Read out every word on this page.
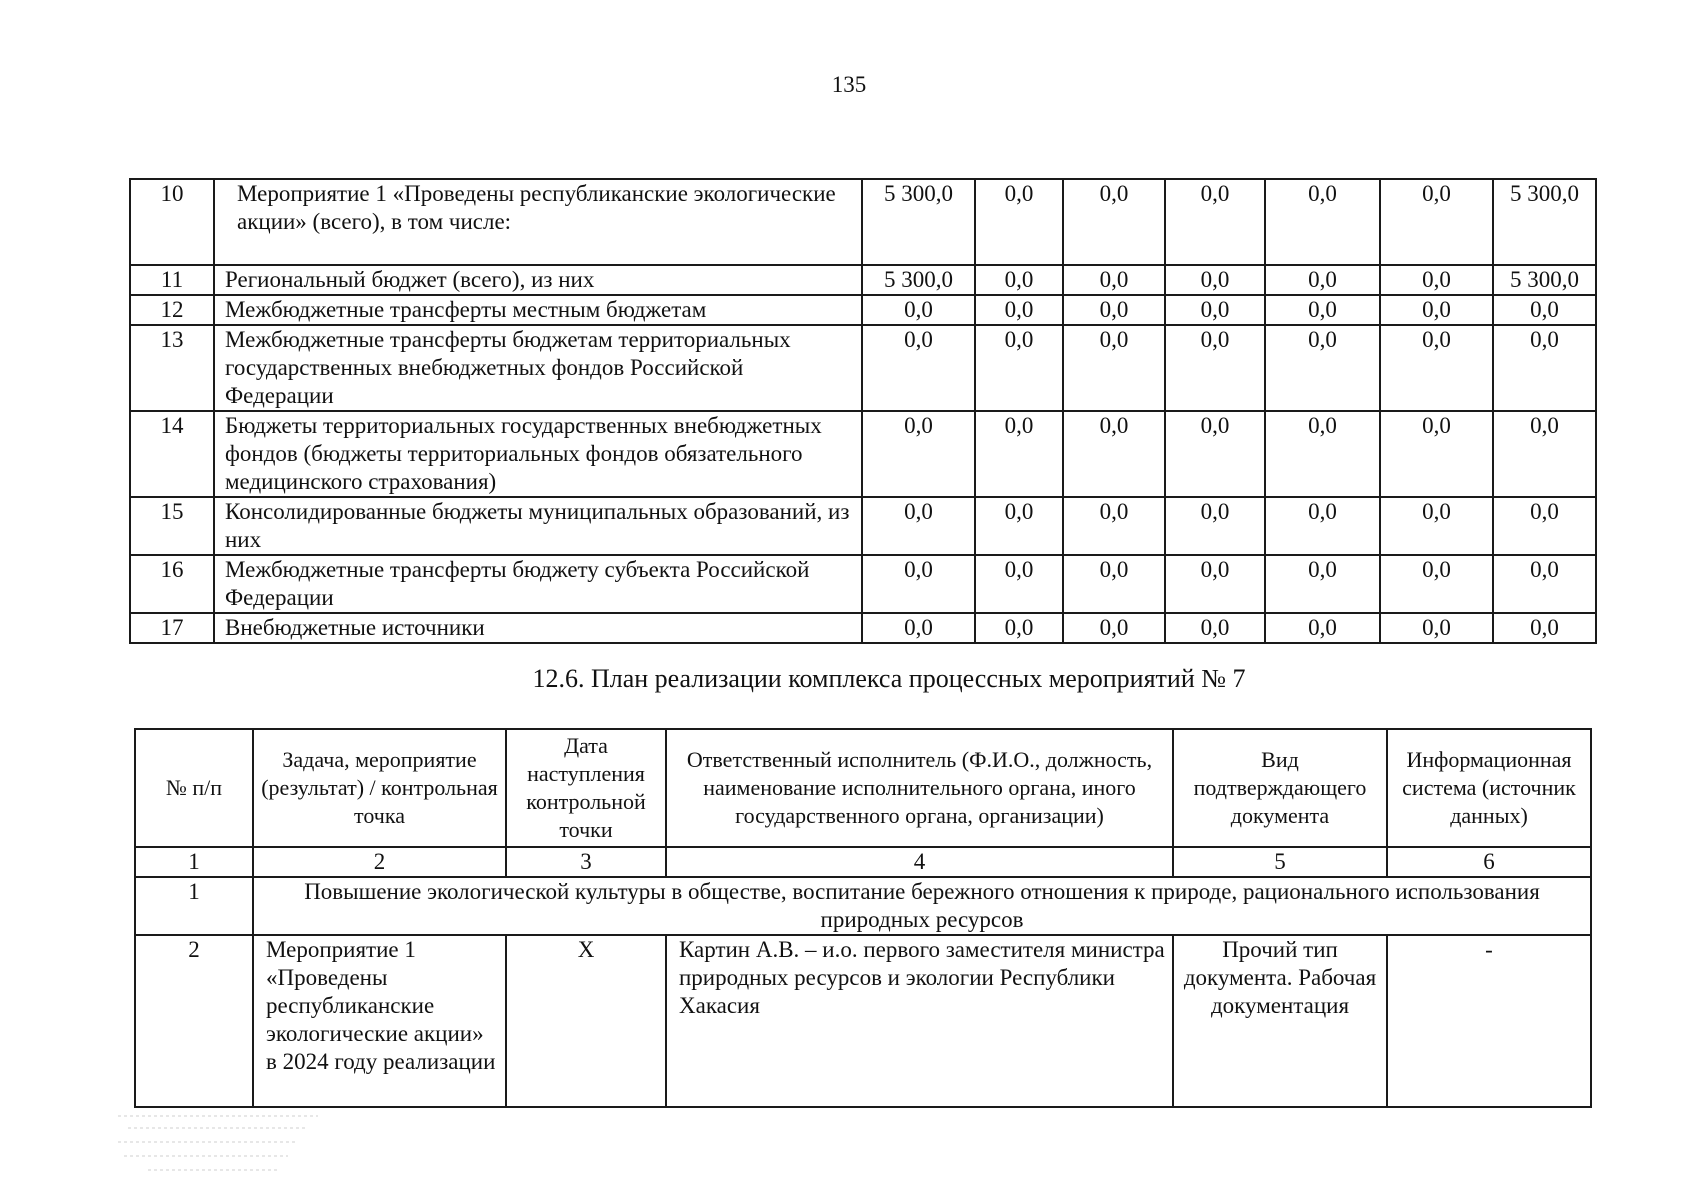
135
10	Мероприятие 1 «Проведены республиканские экологические акции» (всего), в том числе:	5 300,0	0,0	0,0	0,0	0,0	0,0	5 300,0
11	Региональный бюджет (всего), из них	5 300,0	0,0	0,0	0,0	0,0	0,0	5 300,0
12	Межбюджетные трансферты местным бюджетам	0,0	0,0	0,0	0,0	0,0	0,0	0,0
13	Межбюджетные трансферты бюджетам территориальных государственных внебюджетных фондов Российской Федерации	0,0	0,0	0,0	0,0	0,0	0,0	0,0
14	Бюджеты территориальных государственных внебюджетных фондов (бюджеты территориальных фондов обязательного медицинского страхования)	0,0	0,0	0,0	0,0	0,0	0,0	0,0
15	Консолидированные бюджеты муниципальных образований, из них	0,0	0,0	0,0	0,0	0,0	0,0	0,0
16	Межбюджетные трансферты бюджету субъекта Российской Федерации	0,0	0,0	0,0	0,0	0,0	0,0	0,0
17	Внебюджетные источники	0,0	0,0	0,0	0,0	0,0	0,0	0,0
12.6. План реализации комплекса процессных мероприятий № 7
№ п/п	Задача, мероприятие (результат) / контрольная точка	Дата наступления контрольной точки	Ответственный исполнитель (Ф.И.О., должность, наименование исполнительного органа, иного государственного органа, организации)	Вид подтверждающего документа	Информационная система (источник данных)
1	2	3	4	5	6
1	Повышение экологической культуры в обществе, воспитание бережного отношения к природе, рационального использования природных ресурсов				
2	Мероприятие 1 «Проведены республиканские экологические акции» в 2024 году реализации	X	Картин А.В. – и.о. первого заместителя министра природных ресурсов и экологии Республики Хакасия	Прочий тип документа. Рабочая документация	-
